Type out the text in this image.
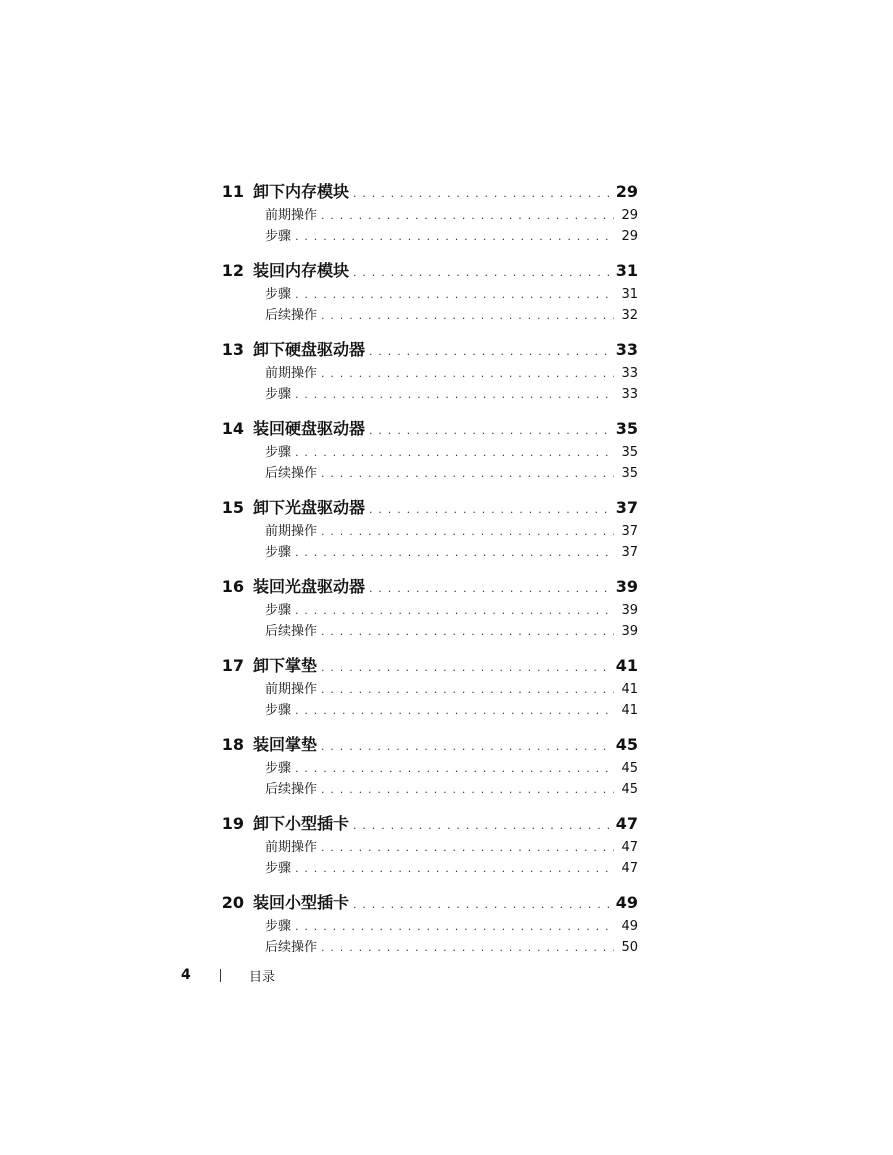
11 卸下内存模块 . . .	29
前期操作 . . .	29
步骤 . . .	29
12 装回内存模块 . . .	31
步骤 . . .	31
后续操作 . . .	32
13 卸下硬盘驱动器 . . .	33
前期操作 . . .	33
步骤 . . .	33
14 装回硬盘驱动器 . . .	35
步骤 . . .	35
后续操作 . . .	35
15 卸下光盘驱动器 . . .	37
前期操作 . . .	37
步骤 . . .	37
16 装回光盘驱动器 . . .	39
步骤 . . .	39
后续操作 . . .	39
17 卸下掌垫 . . .	41
前期操作 . . .	41
步骤 . . .	41
18 装回掌垫 . . .	45
步骤 . . .	45
后续操作 . . .	45
19 卸下小型插卡 . . .	47
前期操作 . . .	47
步骤 . . .	47
20 装回小型插卡 . . .	49
步骤 . . .	49
后续操作 . . .	50
4	目录
